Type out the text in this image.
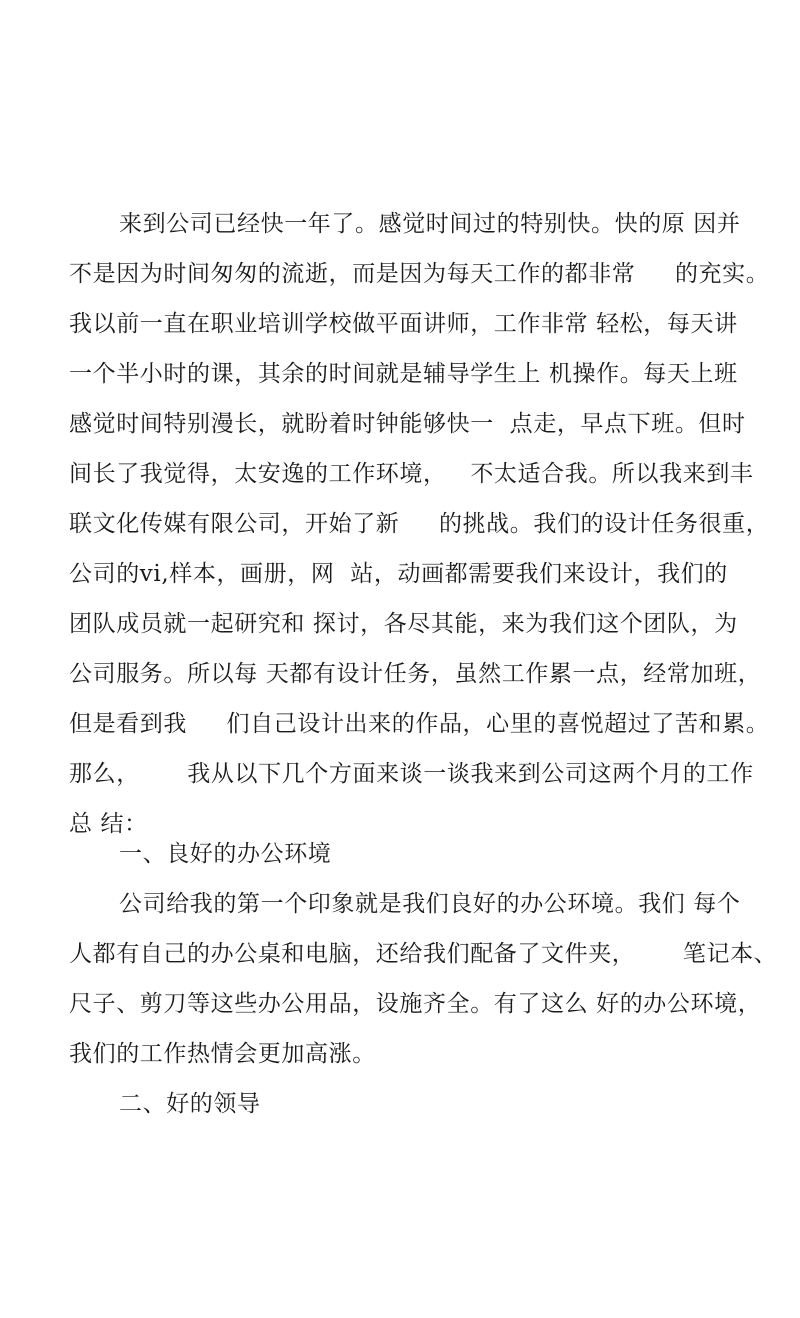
来到公司已经快一年了。感觉时间过的特别快。快的原 因并
不是因为时间匆匆的流逝，而是因为每天工作的都非常     的充实。
我以前一直在职业培训学校做平面讲师，工作非常 轻松，每天讲
一个半小时的课，其余的时间就是辅导学生上 机操作。每天上班
感觉时间特别漫长，就盼着时钟能够快一  点走，早点下班。但时
间长了我觉得，太安逸的工作环境，   不太适合我。所以我来到丰
联文化传媒有限公司，开始了新     的挑战。我们的设计任务很重，
公司的vi,样本，画册，网  站，动画都需要我们来设计，我们的
团队成员就一起研究和 探讨，各尽其能，来为我们这个团队，为
公司服务。所以每 天都有设计任务，虽然工作累一点，经常加班，
但是看到我     们自己设计出来的作品，心里的喜悦超过了苦和累。
那么，      我从以下几个方面来谈一谈我来到公司这两个月的工作
总 结：
一、良好的办公环境
公司给我的第一个印象就是我们良好的办公环境。我们 每个
人都有自己的办公桌和电脑，还给我们配备了文件夹，      笔记本、
尺子、剪刀等这些办公用品，设施齐全。有了这么 好的办公环境，
我们的工作热情会更加高涨。
二、好的领导
